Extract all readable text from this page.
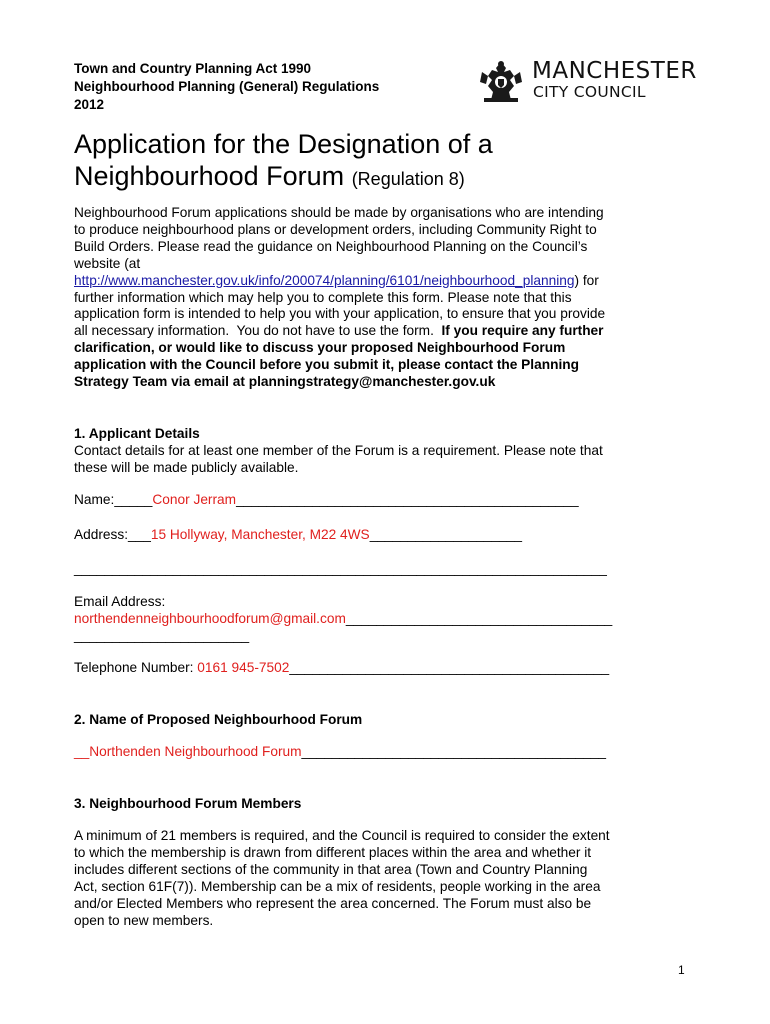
Town and Country Planning Act 1990
Neighbourhood Planning (General) Regulations
2012
MANCHESTER
CITY COUNCIL
Application for the Designation of a
Neighbourhood Forum (Regulation 8)
Neighbourhood Forum applications should be made by organisations who are intending
to produce neighbourhood plans or development orders, including Community Right to
Build Orders. Please read the guidance on Neighbourhood Planning on the Council’s
website (at
http://www.manchester.gov.uk/info/200074/planning/6101/neighbourhood_planning) for
further information which may help you to complete this form. Please note that this
application form is intended to help you with your application, to ensure that you provide
all necessary information.  You do not have to use the form.  If you require any further
clarification, or would like to discuss your proposed Neighbourhood Forum
application with the Council before you submit it, please contact the Planning
Strategy Team via email at planningstrategy@manchester.gov.uk
1. Applicant Details
Contact details for at least one member of the Forum is a requirement. Please note that
these will be made publicly available.
Name:_____Conor Jerram_____________________________________________
Address:___15 Hollyway, Manchester, M22 4WS____________________
______________________________________________________________________
Email Address:
northendenneighbourhoodforum@gmail.com___________________________________
_______________________
Telephone Number: 0161 945-7502__________________________________________
2. Name of Proposed Neighbourhood Forum
__Northenden Neighbourhood Forum________________________________________
3. Neighbourhood Forum Members
A minimum of 21 members is required, and the Council is required to consider the extent
to which the membership is drawn from different places within the area and whether it
includes different sections of the community in that area (Town and Country Planning
Act, section 61F(7)). Membership can be a mix of residents, people working in the area
and/or Elected Members who represent the area concerned. The Forum must also be
open to new members.
1
